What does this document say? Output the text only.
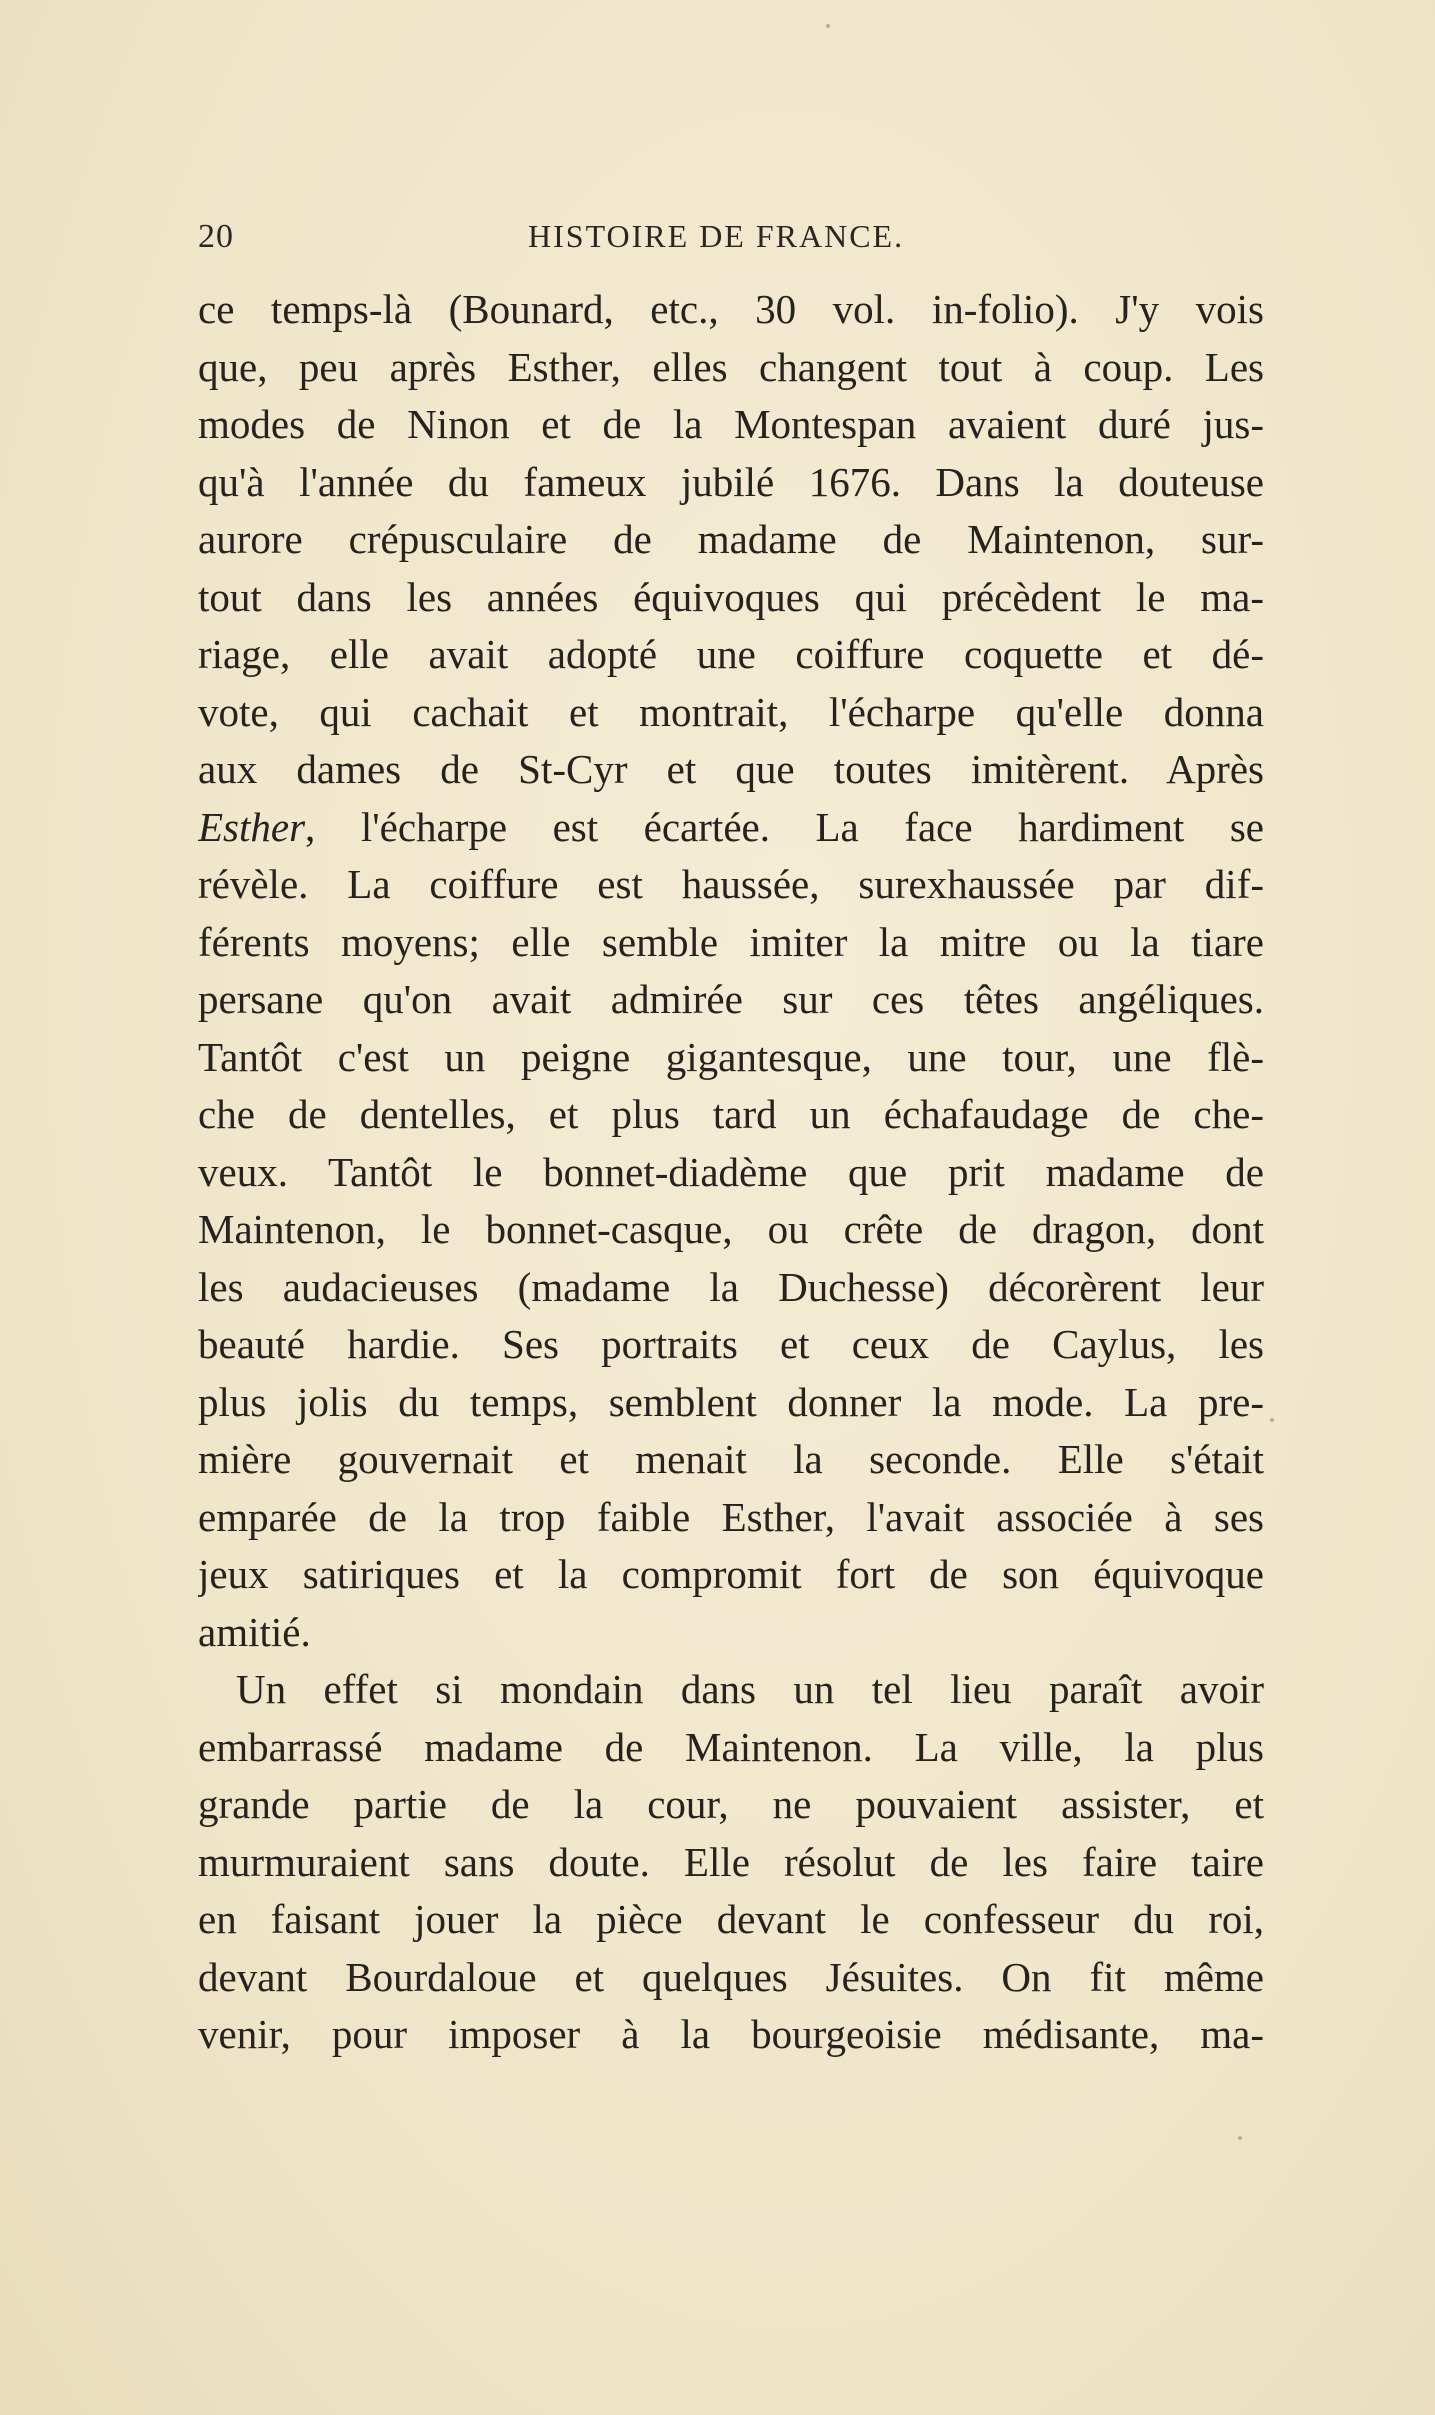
20	HISTOIRE DE FRANCE.
ce temps-là (Bounard, etc., 30 vol. in-folio). J'y vois
que, peu après Esther, elles changent tout à coup. Les
modes de Ninon et de la Montespan avaient duré jus-
qu'à l'année du fameux jubilé 1676. Dans la douteuse
aurore crépusculaire de madame de Maintenon, sur-
tout dans les années équivoques qui précèdent le ma-
riage, elle avait adopté une coiffure coquette et dé-
vote, qui cachait et montrait, l'écharpe qu'elle donna
aux dames de St-Cyr et que toutes imitèrent. Après
Esther, l'écharpe est écartée. La face hardiment se
révèle. La coiffure est haussée, surexhaussée par dif-
férents moyens; elle semble imiter la mitre ou la tiare
persane qu'on avait admirée sur ces têtes angéliques.
Tantôt c'est un peigne gigantesque, une tour, une flè-
che de dentelles, et plus tard un échafaudage de che-
veux. Tantôt le bonnet-diadème que prit madame de
Maintenon, le bonnet-casque, ou crête de dragon, dont
les audacieuses (madame la Duchesse) décorèrent leur
beauté hardie. Ses portraits et ceux de Caylus, les
plus jolis du temps, semblent donner la mode. La pre-
mière gouvernait et menait la seconde. Elle s'était
emparée de la trop faible Esther, l'avait associée à ses
jeux satiriques et la compromit fort de son équivoque
amitié.
Un effet si mondain dans un tel lieu paraît avoir
embarrassé madame de Maintenon. La ville, la plus
grande partie de la cour, ne pouvaient assister, et
murmuraient sans doute. Elle résolut de les faire taire
en faisant jouer la pièce devant le confesseur du roi,
devant Bourdaloue et quelques Jésuites. On fit même
venir, pour imposer à la bourgeoisie médisante, ma-
